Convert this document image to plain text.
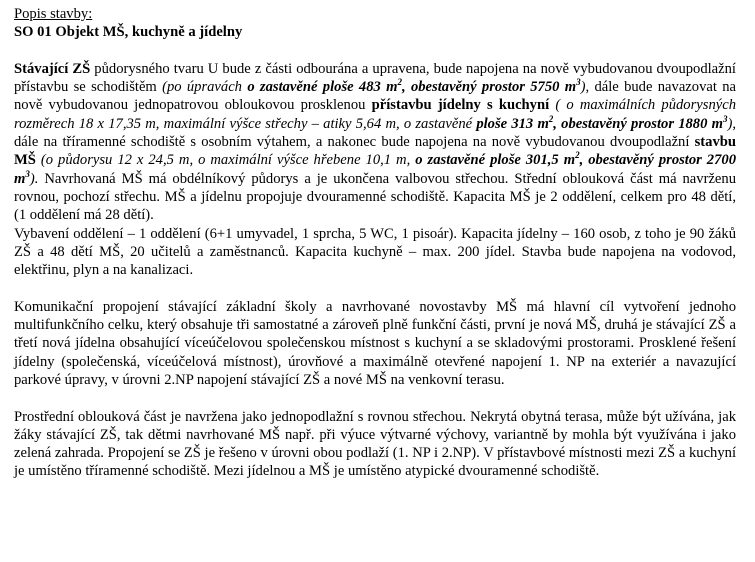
Popis stavby:

SO 01 Objekt MŠ, kuchyně a jídelny

Stávající ZŠ půdorysného tvaru U bude z části odbourána a upravena, bude napojena na nově vybudovanou dvoupodlažní přístavbu se schodištěm (po úpravách o zastavěné ploše 483 $m^2$, obestavěný prostor 5750 $m^3$), dále bude navazovat na nově vybudovanou jednopatrovou obloukovou prosklenou přístavbu jídelny s kuchyní ( o maximálních půdorysných rozměrech 18 x 17,35 m, maximální výšce střechy – atiky 5,64 m, o zastavěné ploše 313 $m^2$, obestavěný prostor 1880 $m^3$), dále na tříramenné schodiště s osobním výtahem, a nakonec bude napojena na nově vybudovanou dvoupodlažní stavbu MŠ (o půdorysu 12 x 24,5 m, o maximální výšce hřebene 10,1 m, o zastavěné ploše 301,5 $m^2$, obestavěný prostor 2700 $m^3$). Navrhovaná MŠ má obdélníkový půdorys a je ukončena valbovou střechou. Střední oblouková část má navrženu rovnou, pochozí střechu. MŠ a jídelnu propojuje dvouramenné schodiště. Kapacita MŠ je 2 oddělení, celkem pro 48 dětí, (1 oddělení má 28 dětí).

Vybavení oddělení – 1 oddělení (6+1 umyvadel, 1 sprcha, 5 WC, 1 pisoár). Kapacita jídelny – 160 osob, z toho je 90 žáků ZŠ a 48 dětí MŠ, 20 učitelů a zaměstnanců. Kapacita kuchyně – max. 200 jídel. Stavba bude napojena na vodovod, elektřinu, plyn a na kanalizaci.

Komunikační propojení stávající základní školy a navrhované novostavby MŠ má hlavní cíl vytvoření jednoho multifunkčního celku, který obsahuje tři samostatné a zároveň plně funkční části, první je nová MŠ, druhá je stávající ZŠ a třetí nová jídelna obsahující víceúčelovou společenskou místnost s kuchyní a se skladovými prostorami. Prosklené řešení jídelny (společenská, víceúčelová místnost), úrovňové a maximálně otevřené napojení 1. NP na exteriér a navazující parkové úpravy, v úrovni 2.NP napojení stávající ZŠ a nové MŠ na venkovní terasu.

Prostřední oblouková část je navržena jako jednopodlažní s rovnou střechou. Nekrytá obytná terasa, může být užívána, jak žáky stávající ZŠ, tak dětmi navrhované MŠ např. při výuce výtvarné výchovy, variantně by mohla být využívána i jako zelená zahrada. Propojení se ZŠ je řešeno v úrovni obou podlaží (1. NP i 2.NP). V přístavbové místnosti mezi ZŠ a kuchyní je umístěno tříramenné schodiště. Mezi jídelnou a MŠ je umístěno atypické dvouramenné schodiště.
